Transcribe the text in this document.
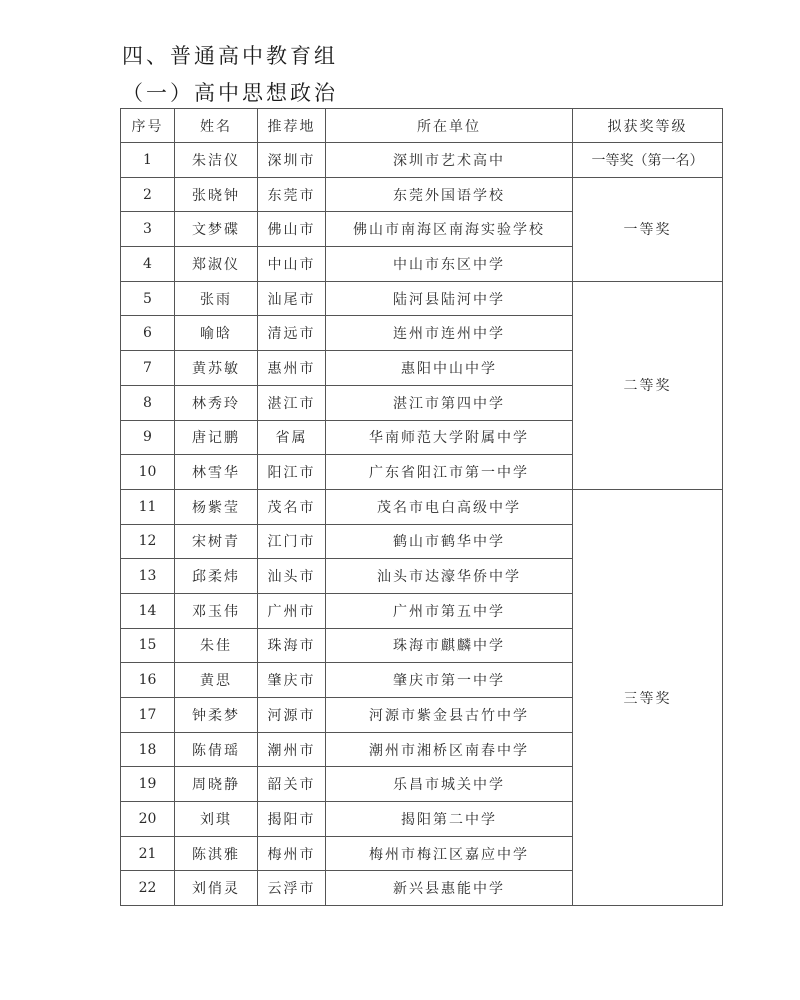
四、普通高中教育组
（一）高中思想政治
序号	姓名	推荐地	所在单位	拟获奖等级
1	朱洁仪	深圳市	深圳市艺术高中	一等奖（第一名）
2	张晓钟	东莞市	东莞外国语学校	一等奖
3	文梦碟	佛山市	佛山市南海区南海实验学校	
4	郑淑仪	中山市	中山市东区中学	
5	张雨	汕尾市	陆河县陆河中学	二等奖
6	喻晗	清远市	连州市连州中学	
7	黄苏敏	惠州市	惠阳中山中学	
8	林秀玲	湛江市	湛江市第四中学	
9	唐记鹏	省属	华南师范大学附属中学	
10	林雪华	阳江市	广东省阳江市第一中学	
11	杨紫莹	茂名市	茂名市电白高级中学	三等奖
12	宋树青	江门市	鹤山市鹤华中学	
13	邱柔炜	汕头市	汕头市达濠华侨中学	
14	邓玉伟	广州市	广州市第五中学	
15	朱佳	珠海市	珠海市麒麟中学	
16	黄思	肇庆市	肇庆市第一中学	
17	钟柔梦	河源市	河源市紫金县古竹中学	
18	陈倩瑶	潮州市	潮州市湘桥区南春中学	
19	周晓静	韶关市	乐昌市城关中学	
20	刘琪	揭阳市	揭阳第二中学	
21	陈淇雅	梅州市	梅州市梅江区嘉应中学	
22	刘俏灵	云浮市	新兴县惠能中学	
